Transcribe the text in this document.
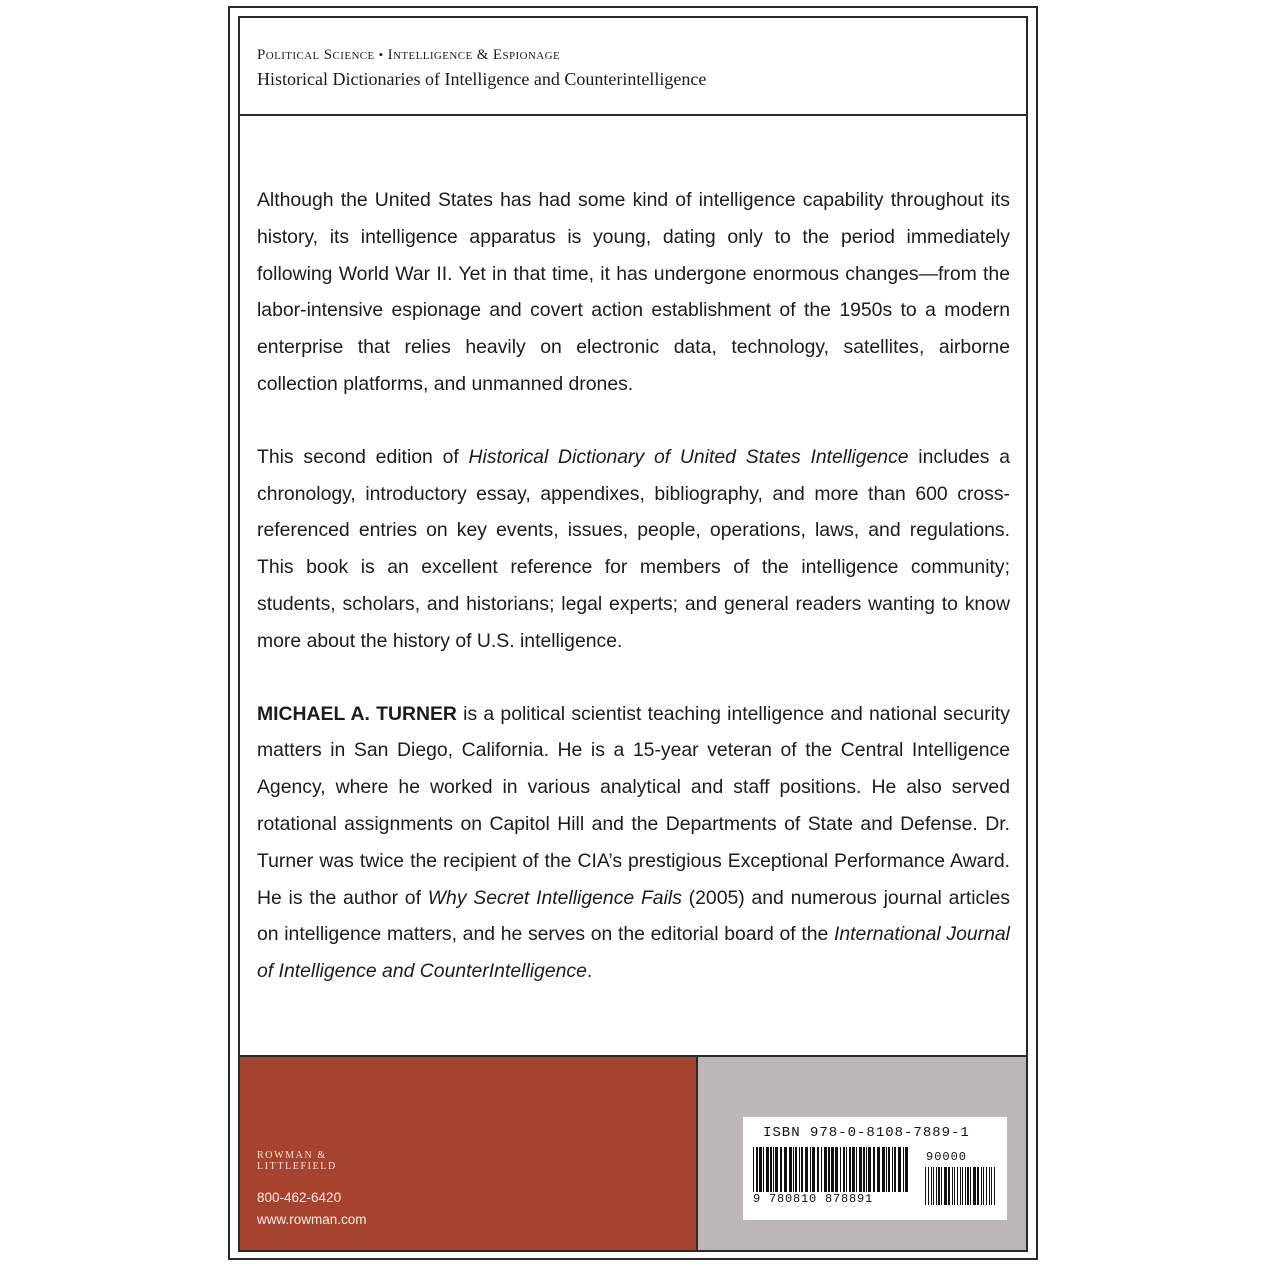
Political Science • Intelligence & Espionage
Historical Dictionaries of Intelligence and Counterintelligence

Although the United States has had some kind of intelligence capability throughout its history, its intelligence apparatus is young, dating only to the period immediately following World War II. Yet in that time, it has undergone enormous changes—from the labor-intensive espionage and covert action establishment of the 1950s to a modern enterprise that relies heavily on electronic data, technology, satellites, airborne collection platforms, and unmanned drones.

This second edition of Historical Dictionary of United States Intelligence includes a chronology, introductory essay, appendixes, bibliography, and more than 600 cross-referenced entries on key events, issues, people, operations, laws, and regulations. This book is an excellent reference for members of the intelligence community; students, scholars, and historians; legal experts; and general readers wanting to know more about the history of U.S. intelligence.

MICHAEL A. TURNER is a political scientist teaching intelligence and national security matters in San Diego, California. He is a 15-year veteran of the Central Intelligence Agency, where he worked in various analytical and staff positions. He also served rotational assignments on Capitol Hill and the Departments of State and Defense. Dr. Turner was twice the recipient of the CIA’s prestigious Exceptional Performance Award. He is the author of Why Secret Intelligence Fails (2005) and numerous journal articles on intelligence matters, and he serves on the editorial board of the International Journal of Intelligence and CounterIntelligence.

ROWMAN &
LITTLEFIELD
800-462-6420
www.rowman.com
ISBN 978-0-8108-7889-1
90000
9 780810 878891
